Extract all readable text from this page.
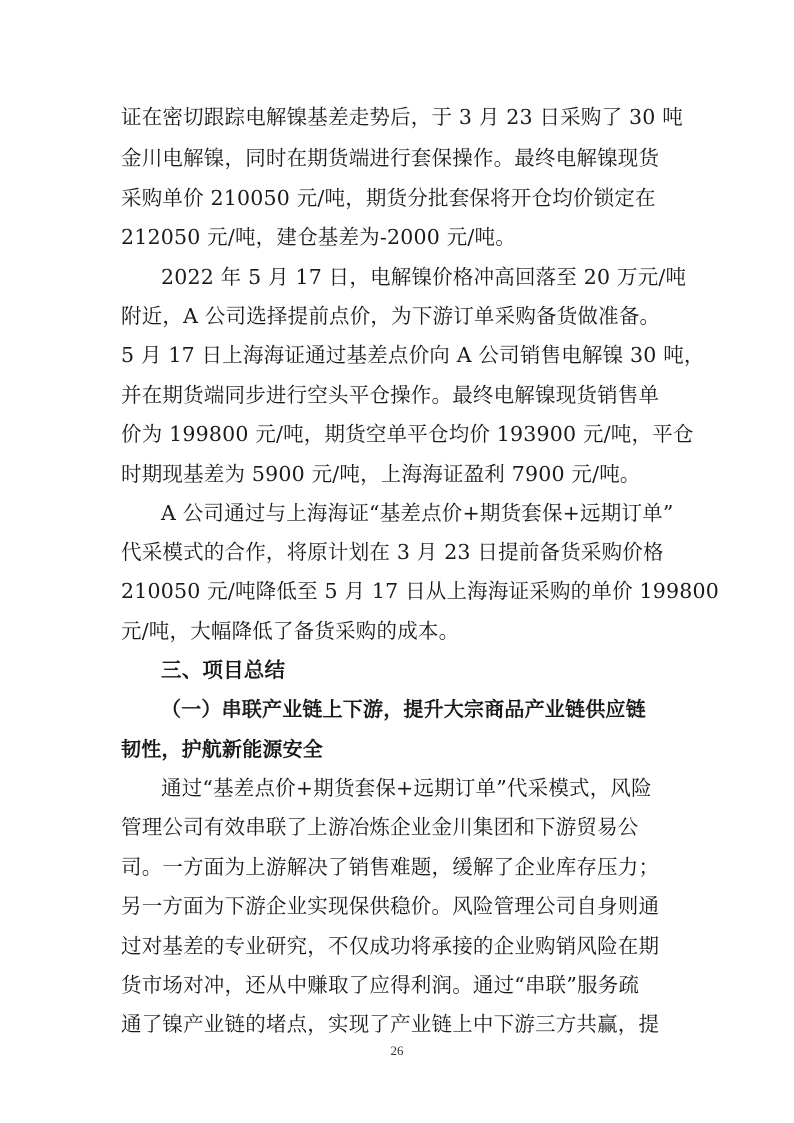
证在密切跟踪电解镍基差走势后，于 3 月 23 日采购了 30 吨
金川电解镍，同时在期货端进行套保操作。最终电解镍现货
采购单价 210050 元/吨，期货分批套保将开仓均价锁定在
212050 元/吨，建仓基差为-2000 元/吨。
2022 年 5 月 17 日，电解镍价格冲高回落至 20 万元/吨
附近，A 公司选择提前点价，为下游订单采购备货做准备。
5 月 17 日上海海证通过基差点价向 A 公司销售电解镍 30 吨，
并在期货端同步进行空头平仓操作。最终电解镍现货销售单
价为 199800 元/吨，期货空单平仓均价 193900 元/吨，平仓
时期现基差为 5900 元/吨，上海海证盈利 7900 元/吨。
A 公司通过与上海海证“基差点价+期货套保+远期订单”
代采模式的合作，将原计划在 3 月 23 日提前备货采购价格
210050 元/吨降低至 5 月 17 日从上海海证采购的单价 199800
元/吨，大幅降低了备货采购的成本。
三、项目总结
（一）串联产业链上下游，提升大宗商品产业链供应链
韧性，护航新能源安全
通过“基差点价+期货套保+远期订单”代采模式，风险
管理公司有效串联了上游冶炼企业金川集团和下游贸易公
司。一方面为上游解决了销售难题，缓解了企业库存压力；
另一方面为下游企业实现保供稳价。风险管理公司自身则通
过对基差的专业研究，不仅成功将承接的企业购销风险在期
货市场对冲，还从中赚取了应得利润。通过“串联”服务疏
通了镍产业链的堵点，实现了产业链上中下游三方共赢，提
26
